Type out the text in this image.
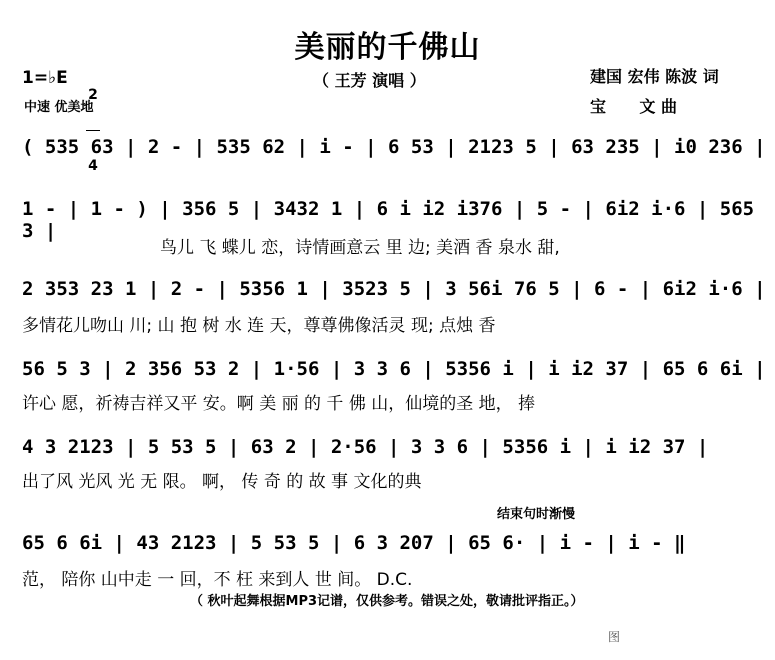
美丽的千佛山
1=♭E

2

4

中速 优美地
（ 王芳 演唱 ）	建国 宏伟 陈波 词
宝      文 曲
( 535 63 | 2 - | 535 62 | i - | 6 53 | 2123 5 | 63 235 | i0 236 |
1 - | 1 - ) | 356 5 | 3432 1 | 6 i i2 i376 | 5 - | 6i2 i·6 | 565 3 |
鸟儿 飞 蝶儿 恋，诗情画意云 里 边; 美酒 香 泉水 甜,
2 353 23 1 | 2 - | 5356 1 | 3523 5 | 3 56i 76 5 | 6 - | 6i2 i·6 |
多情花儿吻山 川; 山 抱 树 水 连 天，尊尊佛像活灵 现; 点烛 香
56 5 3 | 2 356 53 2 | 1·56 | 3 3 6 | 5356 i | i i2 37 | 65 6 6i |
许心 愿，祈祷吉祥又平 安。啊 美 丽 的 千 佛 山，仙境的圣 地， 捧
4 3 2123 | 5 53 5 | 63 2 | 2·56 | 3 3 6 | 5356 i | i i2 37 |
出了风 光风 光 无 限。 啊， 传 奇 的 故 事 文化的典
结束句时渐慢
65 6 6i | 43 2123 | 5 53 5 | 6 3 207 | 65 6· | i - | i - ‖
范， 陪你 山中走 一 回，不 枉 来到人 世 间。 D.C.
（ 秋叶起舞根据MP3记谱，仅供参考。错误之处，敬请批评指正。）
图
